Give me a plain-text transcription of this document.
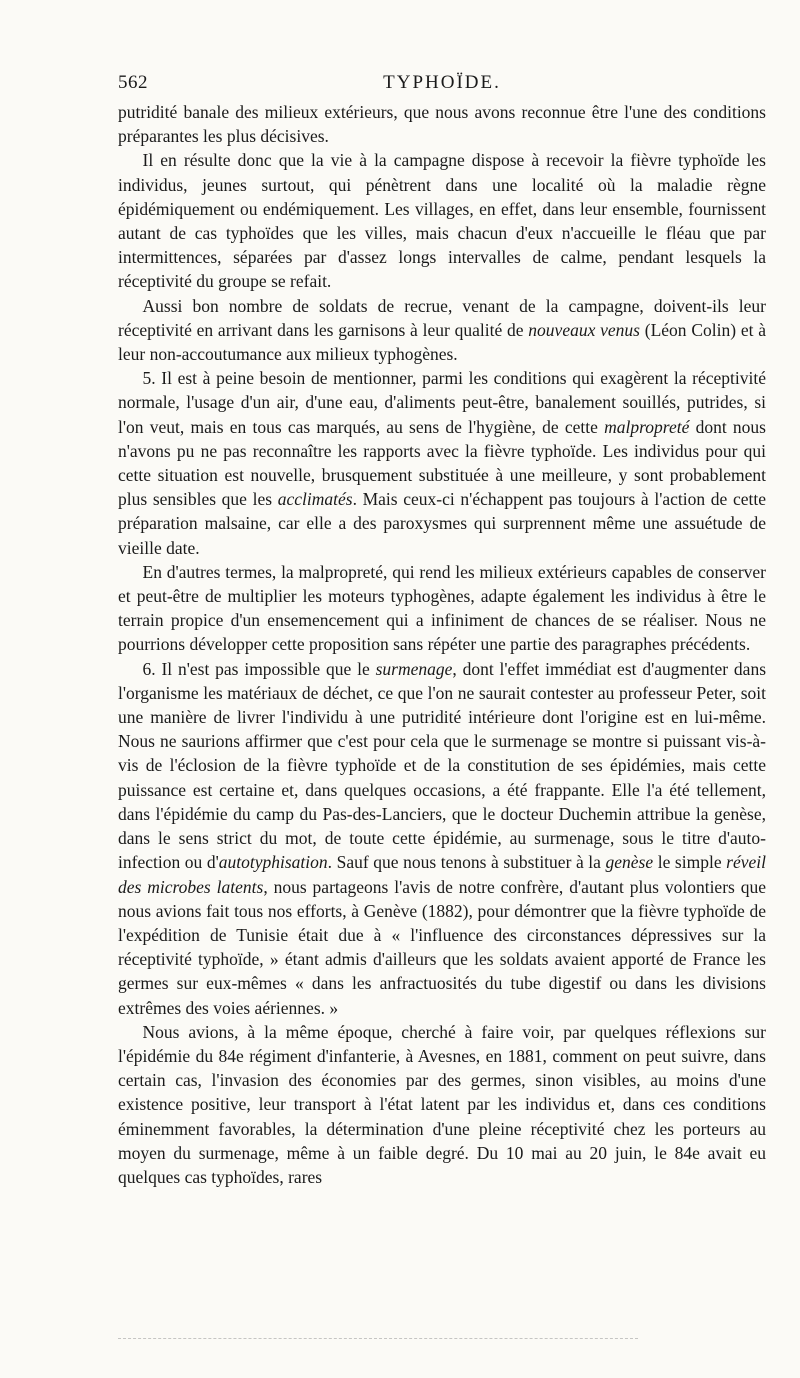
562	TYPHOÏDE.

putridité banale des milieux extérieurs, que nous avons reconnue être l'une des conditions préparantes les plus décisives.

Il en résulte donc que la vie à la campagne dispose à recevoir la fièvre typhoïde les individus, jeunes surtout, qui pénètrent dans une localité où la maladie règne épidémiquement ou endémiquement. Les villages, en effet, dans leur ensemble, fournissent autant de cas typhoïdes que les villes, mais chacun d'eux n'accueille le fléau que par intermittences, séparées par d'assez longs intervalles de calme, pendant lesquels la réceptivité du groupe se refait.

Aussi bon nombre de soldats de recrue, venant de la campagne, doivent-ils leur réceptivité en arrivant dans les garnisons à leur qualité de nouveaux venus (Léon Colin) et à leur non-accoutumance aux milieux typhogènes.

5. Il est à peine besoin de mentionner, parmi les conditions qui exagèrent la réceptivité normale, l'usage d'un air, d'une eau, d'aliments peut-être, banalement souillés, putrides, si l'on veut, mais en tous cas marqués, au sens de l'hygiène, de cette malpropreté dont nous n'avons pu ne pas reconnaître les rapports avec la fièvre typhoïde. Les individus pour qui cette situation est nouvelle, brusquement substituée à une meilleure, y sont probablement plus sensibles que les acclimatés. Mais ceux-ci n'échappent pas toujours à l'action de cette préparation malsaine, car elle a des paroxysmes qui surprennent même une assuétude de vieille date.

En d'autres termes, la malpropreté, qui rend les milieux extérieurs capables de conserver et peut-être de multiplier les moteurs typhogènes, adapte également les individus à être le terrain propice d'un ensemencement qui a infiniment de chances de se réaliser. Nous ne pourrions développer cette proposition sans répéter une partie des paragraphes précédents.

6. Il n'est pas impossible que le surmenage, dont l'effet immédiat est d'augmenter dans l'organisme les matériaux de déchet, ce que l'on ne saurait contester au professeur Peter, soit une manière de livrer l'individu à une putridité intérieure dont l'origine est en lui-même. Nous ne saurions affirmer que c'est pour cela que le surmenage se montre si puissant vis-à-vis de l'éclosion de la fièvre typhoïde et de la constitution de ses épidémies, mais cette puissance est certaine et, dans quelques occasions, a été frappante. Elle l'a été tellement, dans l'épidémie du camp du Pas-des-Lanciers, que le docteur Duchemin attribue la genèse, dans le sens strict du mot, de toute cette épidémie, au surmenage, sous le titre d'auto-infection ou d'autotyphisation. Sauf que nous tenons à substituer à la genèse le simple réveil des microbes latents, nous partageons l'avis de notre confrère, d'autant plus volontiers que nous avions fait tous nos efforts, à Genève (1882), pour démontrer que la fièvre typhoïde de l'expédition de Tunisie était due à « l'influence des circonstances dépressives sur la réceptivité typhoïde, » étant admis d'ailleurs que les soldats avaient apporté de France les germes sur eux-mêmes « dans les anfractuosités du tube digestif ou dans les divisions extrêmes des voies aériennes. »

Nous avions, à la même époque, cherché à faire voir, par quelques réflexions sur l'épidémie du 84e régiment d'infanterie, à Avesnes, en 1881, comment on peut suivre, dans certain cas, l'invasion des économies par des germes, sinon visibles, au moins d'une existence positive, leur transport à l'état latent par les individus et, dans ces conditions éminemment favorables, la détermination d'une pleine réceptivité chez les porteurs au moyen du surmenage, même à un faible degré. Du 10 mai au 20 juin, le 84e avait eu quelques cas typhoïdes, rares
